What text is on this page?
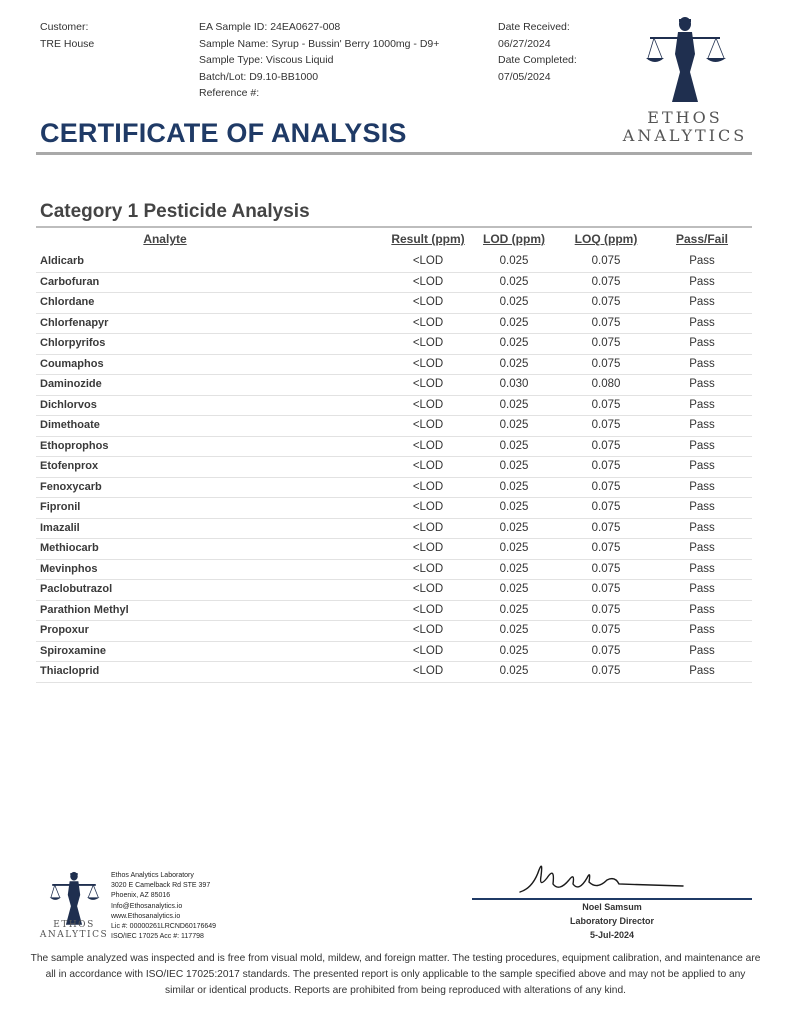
Customer:
TRE House
EA Sample ID: 24EA0627-008
Sample Name: Syrup - Bussin' Berry 1000mg - D9+
Sample Type: Viscous Liquid
Batch/Lot: D9.10-BB1000
Reference #:
Date Received:
06/27/2024
Date Completed:
07/05/2024
ETHOS
ANALYTICS
CERTIFICATE OF ANALYSIS
Category 1 Pesticide Analysis
Analyte	Result (ppm)	LOD (ppm)	LOQ (ppm)	Pass/Fail
Aldicarb	<LOD	0.025	0.075	Pass
Carbofuran	<LOD	0.025	0.075	Pass
Chlordane	<LOD	0.025	0.075	Pass
Chlorfenapyr	<LOD	0.025	0.075	Pass
Chlorpyrifos	<LOD	0.025	0.075	Pass
Coumaphos	<LOD	0.025	0.075	Pass
Daminozide	<LOD	0.030	0.080	Pass
Dichlorvos	<LOD	0.025	0.075	Pass
Dimethoate	<LOD	0.025	0.075	Pass
Ethoprophos	<LOD	0.025	0.075	Pass
Etofenprox	<LOD	0.025	0.075	Pass
Fenoxycarb	<LOD	0.025	0.075	Pass
Fipronil	<LOD	0.025	0.075	Pass
Imazalil	<LOD	0.025	0.075	Pass
Methiocarb	<LOD	0.025	0.075	Pass
Mevinphos	<LOD	0.025	0.075	Pass
Paclobutrazol	<LOD	0.025	0.075	Pass
Parathion Methyl	<LOD	0.025	0.075	Pass
Propoxur	<LOD	0.025	0.075	Pass
Spiroxamine	<LOD	0.025	0.075	Pass
Thiacloprid	<LOD	0.025	0.075	Pass
ETHOS
ANALYTICS
Ethos Analytics Laboratory
3020 E Camelback Rd STE 397
Phoenix, AZ 85016
Info@Ethosanalytics.io
www.Ethosanalytics.io
Lic #: 00000261LRCND60176649
ISO/IEC 17025 Acc #: 117798
Noel Samsum
Laboratory Director
5-Jul-2024
The sample analyzed was inspected and is free from visual mold, mildew, and foreign matter. The testing procedures, equipment calibration, and maintenance are all in accordance with ISO/IEC 17025:2017 standards. The presented report is only applicable to the sample specified above and may not be applied to any similar or identical products. Reports are prohibited from being reproduced with alterations of any kind.
